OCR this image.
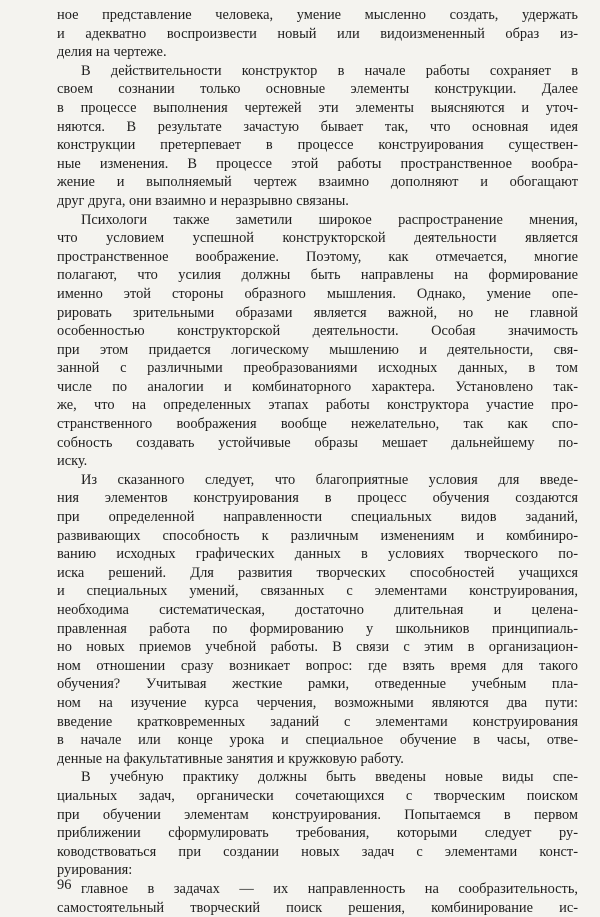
ное представление человека, умение мысленно создать, удержать
и адекватно воспроизвести новый или видоизмененный образ из-
делия на чертеже.
В действительности конструктор в начале работы сохраняет в
своем сознании только основные элементы конструкции. Далее
в процессе выполнения чертежей эти элементы выясняются и уточ-
няются. В результате зачастую бывает так, что основная идея
конструкции претерпевает в процессе конструирования существен-
ные изменения. В процессе этой работы пространственное вообра-
жение и выполняемый чертеж взаимно дополняют и обогащают
друг друга, они взаимно и неразрывно связаны.
Психологи также заметили широкое распространение мнения,
что условием успешной конструкторской деятельности является
пространственное воображение. Поэтому, как отмечается, многие
полагают, что усилия должны быть направлены на формирование
именно этой стороны образного мышления. Однако, умение опе-
рировать зрительными образами является важной, но не главной
особенностью конструкторской деятельности. Особая значимость
при этом придается логическому мышлению и деятельности, свя-
занной с различными преобразованиями исходных данных, в том
числе по аналогии и комбинаторного характера. Установлено так-
же, что на определенных этапах работы конструктора участие про-
странственного воображения вообще нежелательно, так как спо-
собность создавать устойчивые образы мешает дальнейшему по-
иску.
Из сказанного следует, что благоприятные условия для введе-
ния элементов конструирования в процесс обучения создаются
при определенной направленности специальных видов заданий,
развивающих способность к различным изменениям и комбиниро-
ванию исходных графических данных в условиях творческого по-
иска решений. Для развития творческих способностей учащихся
и специальных умений, связанных с элементами конструирования,
необходима систематическая, достаточно длительная и целена-
правленная работа по формированию у школьников принципиаль-
но новых приемов учебной работы. В связи с этим в организацион-
ном отношении сразу возникает вопрос: где взять время для такого
обучения? Учитывая жесткие рамки, отведенные учебным пла-
ном на изучение курса черчения, возможными являются два пути:
введение кратковременных заданий с элементами конструирования
в начале или конце урока и специальное обучение в часы, отве-
денные на факультативные занятия и кружковую работу.
В учебную практику должны быть введены новые виды спе-
циальных задач, органически сочетающихся с творческим поиском
при обучении элементам конструирования. Попытаемся в первом
приближении сформулировать требования, которыми следует ру-
ководствоваться при создании новых задач с элементами конст-
руирования:
главное в задачах — их направленность на сообразительность,
самостоятельный творческий поиск решения, комбинирование ис-
96
